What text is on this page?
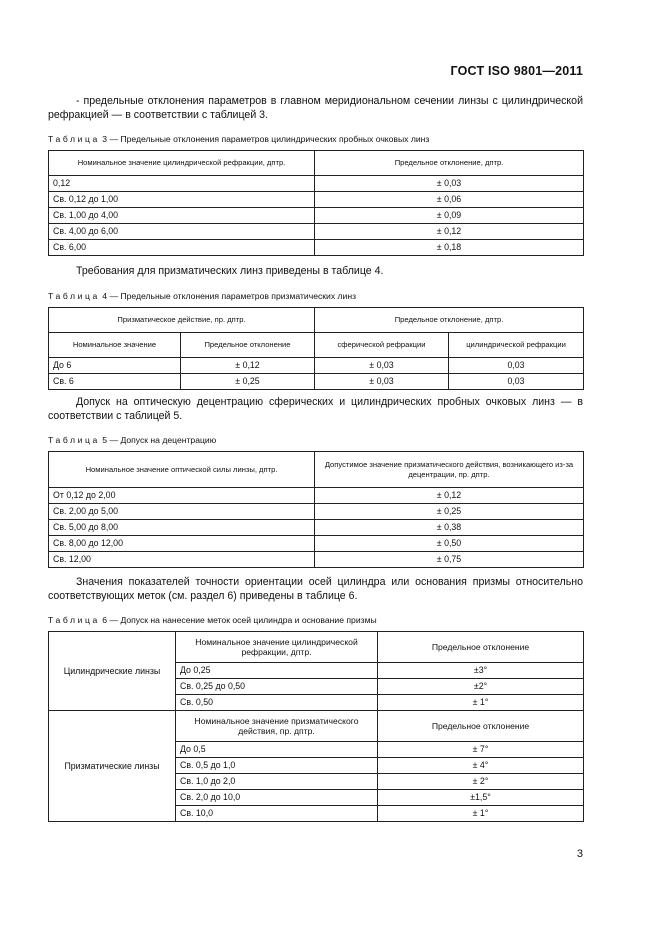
ГОСТ ISO 9801—2011
- предельные отклонения параметров в главном меридиональном сечении линзы с цилиндрической рефракцией — в соответствии с таблицей 3.
Таблица 3 — Предельные отклонения параметров цилиндрических пробных очковых линз
Номинальное значение цилиндрической рефракции, дптр.	Предельное отклонение, дптр.
0,12	± 0,03
Св. 0,12 до 1,00	± 0,06
Св. 1,00 до 4,00	± 0,09
Св. 4,00 до 6,00	± 0,12
Св. 6,00	± 0,18
Требования для призматических линз приведены в таблице 4.
Таблица 4 — Предельные отклонения параметров призматических линз
Призматическое действие, пр. дптр.		Предельное отклонение, дптр.	
Номинальное значение	Предельное отклонение	сферической рефракции	цилиндрической рефракции
До 6	± 0,12	± 0,03	0,03
Св. 6	± 0,25	± 0,03	0,03
Допуск на оптическую децентрацию сферических и цилиндрических пробных очковых линз — в соответствии с таблицей 5.
Таблица 5 — Допуск на децентрацию
Номинальное значение оптической силы линзы, дптр.	Допустимое значение призматического действия, возникающего из-за децентрации, пр. дптр.
От 0,12 до 2,00	± 0,12
Св. 2,00 до 5,00	± 0,25
Св. 5,00 до 8,00	± 0,38
Св. 8,00 до 12,00	± 0,50
Св. 12,00	± 0,75
Значения показателей точности ориентации осей цилиндра или основания призмы относительно соответствующих меток (см. раздел 6) приведены в таблице 6.
Таблица 6 — Допуск на нанесение меток осей цилиндра и основание призмы
Цилиндрические линзы	Номинальное значение цилиндрической рефракции, дптр.	Предельное отклонение
	До 0,25	±3°
	Св. 0,25 до 0,50	±2°
	Св. 0,50	± 1°
Призматические линзы	Номинальное значение призматического действия, пр. дптр.	Предельное отклонение
	До 0,5	± 7°
	Св. 0,5 до 1,0	± 4°
	Св. 1,0 до 2,0	± 2°
	Св. 2,0 до 10,0	±1,5°
	Св. 10,0	± 1°
3
